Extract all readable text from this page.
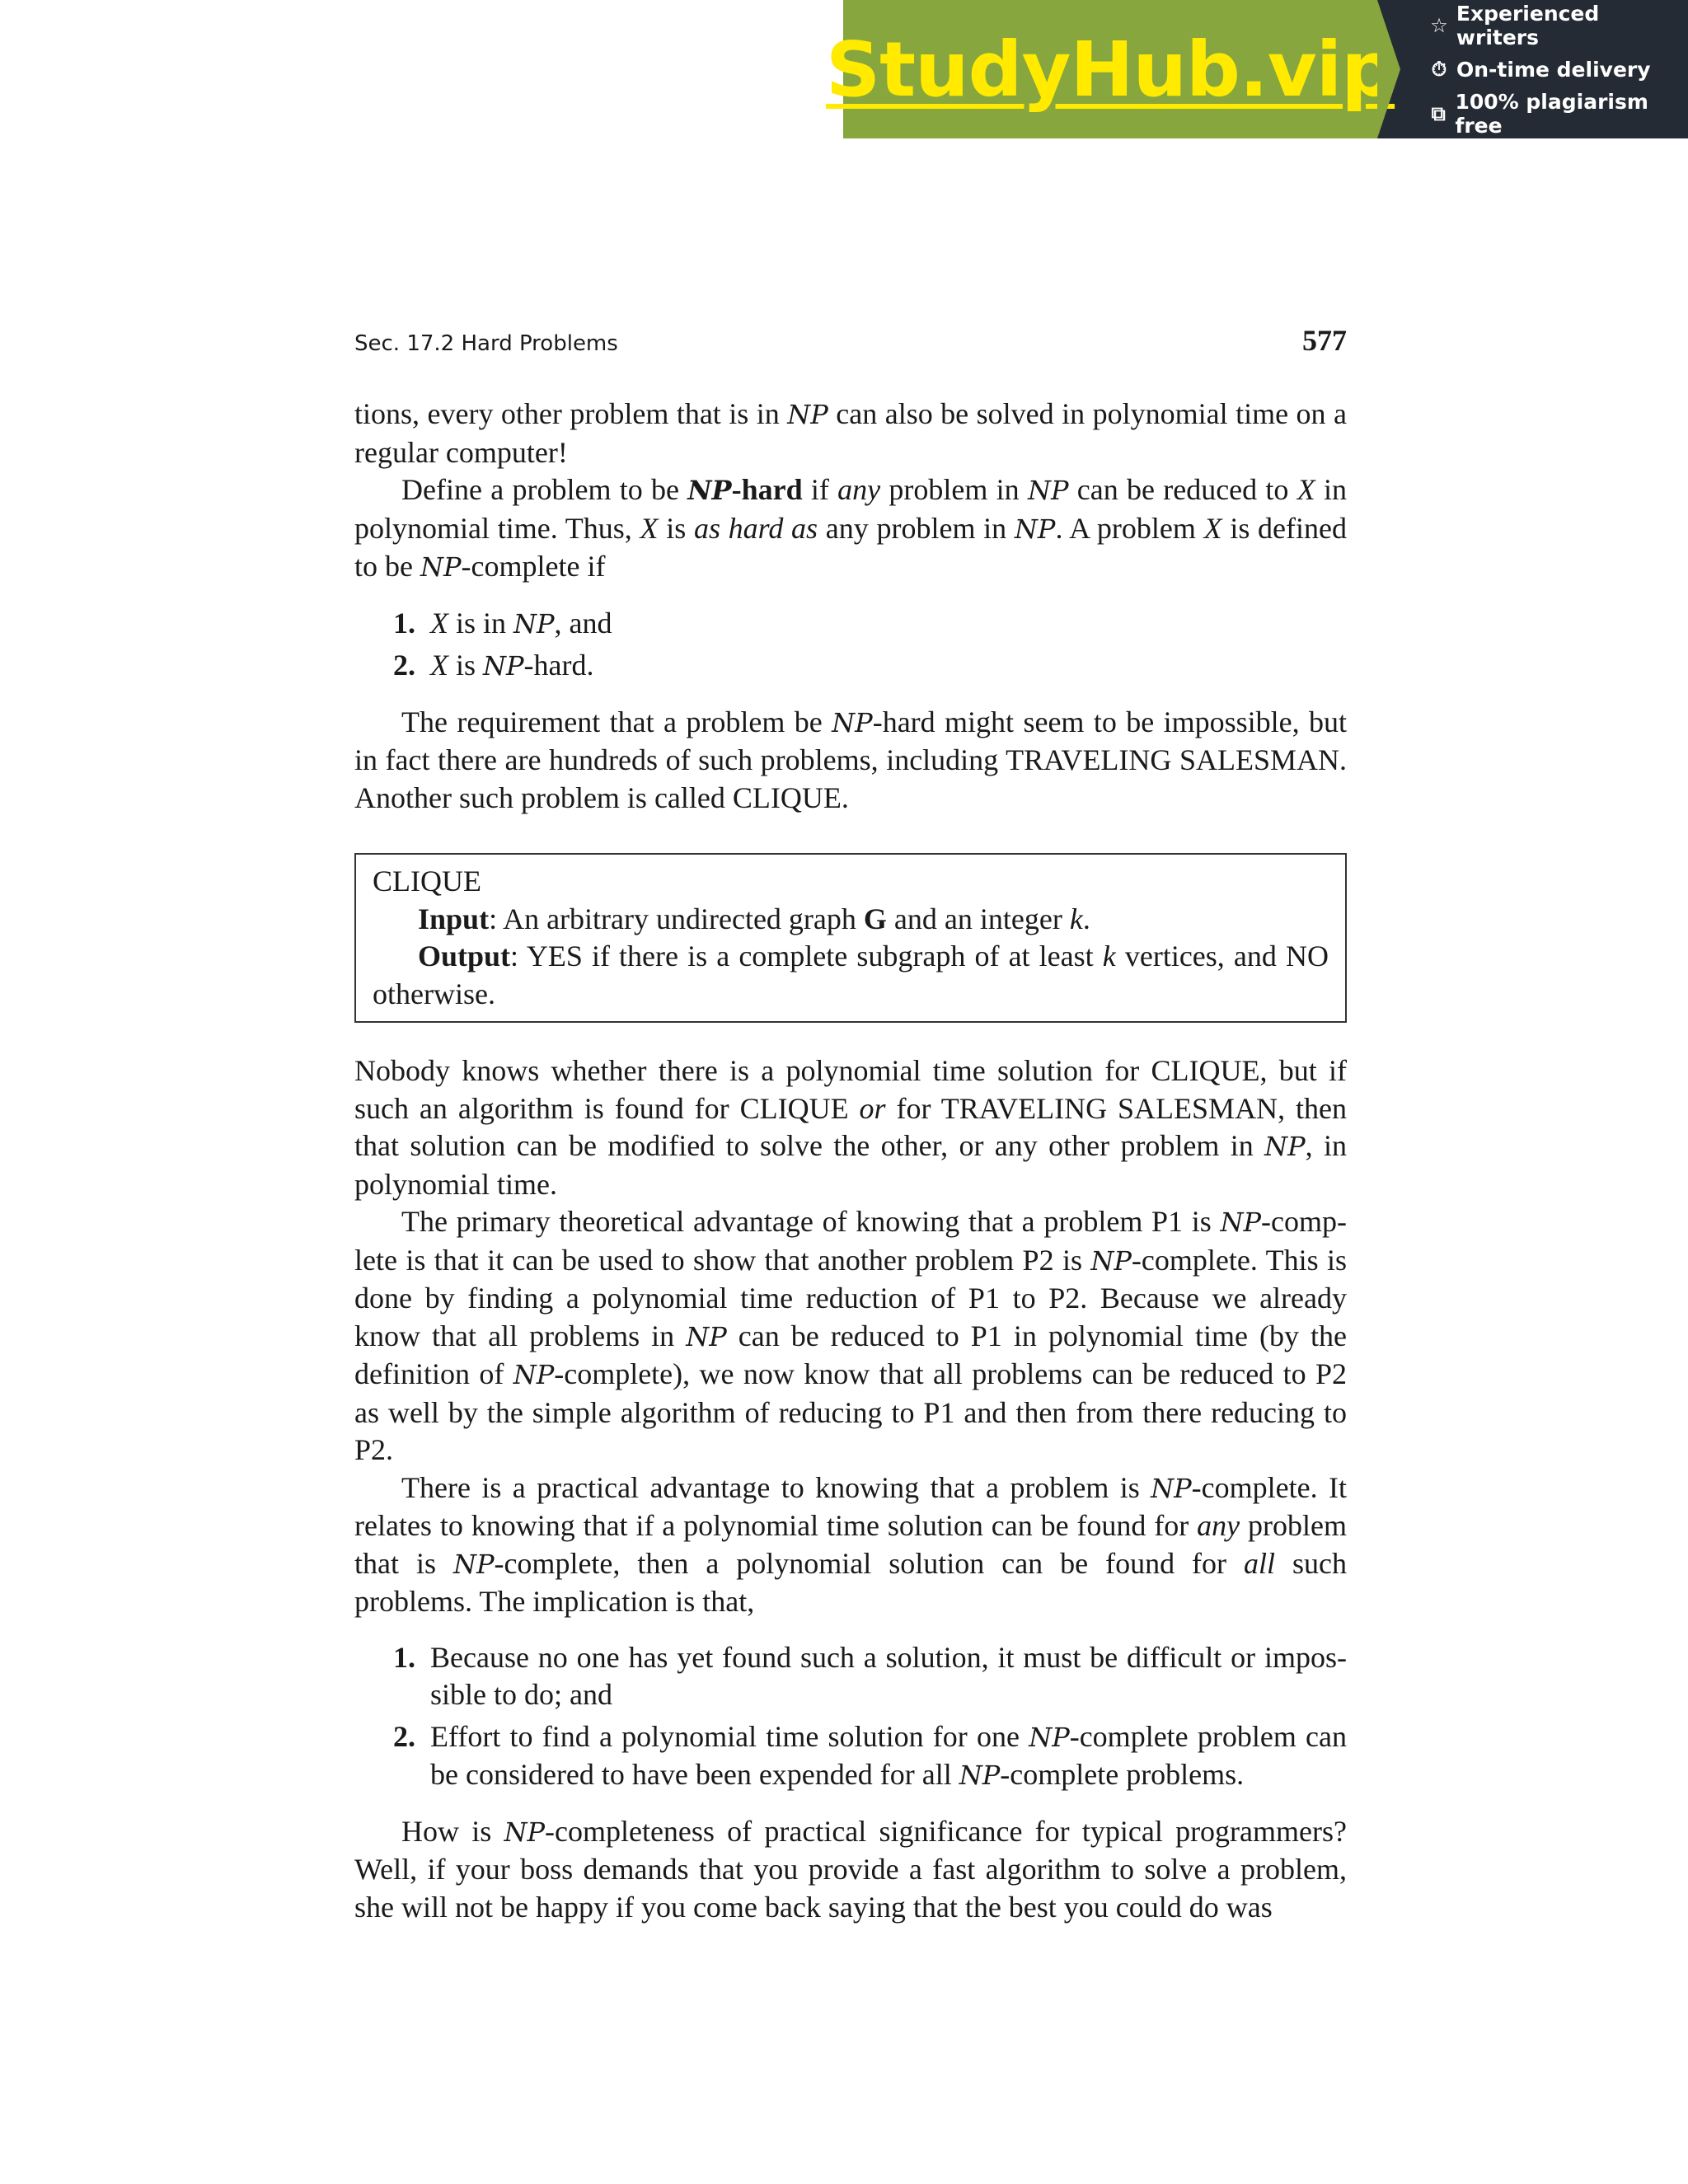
StudyHub.vip ☆ Experienced writers
⏱ On-time delivery
⧉ 100% plagiarism free
Sec. 17.2 Hard Problems	577

tions, every other problem that is in NP can also be solved in polynomial time on a regular computer!

Define a problem to be NP-hard if any problem in NP can be reduced to X in polynomial time. Thus, X is as hard as any problem in NP. A problem X is defined to be NP-complete if

1. X is in NP, and
2. X is NP-hard.

The requirement that a problem be NP-hard might seem to be impossible, but in fact there are hundreds of such problems, including TRAVELING SALESMAN. Another such problem is called CLIQUE.

CLIQUE

Input: An arbitrary undirected graph G and an integer k.

Output: YES if there is a complete subgraph of at least k vertices, and NO otherwise.

Nobody knows whether there is a polynomial time solution for CLIQUE, but if such an algorithm is found for CLIQUE or for TRAVELING SALESMAN, then that solution can be modified to solve the other, or any other problem in NP, in polynomial time.

The primary theoretical advantage of knowing that a problem P1 is NP-complete is that it can be used to show that another problem P2 is NP-complete. This is done by finding a polynomial time reduction of P1 to P2. Because we already know that all problems in NP can be reduced to P1 in polynomial time (by the definition of NP-complete), we now know that all problems can be reduced to P2 as well by the simple algorithm of reducing to P1 and then from there reducing to P2.

There is a practical advantage to knowing that a problem is NP-complete. It relates to knowing that if a polynomial time solution can be found for any problem that is NP-complete, then a polynomial solution can be found for all such problems. The implication is that,

1. Because no one has yet found such a solution, it must be difficult or impossible to do; and
2. Effort to find a polynomial time solution for one NP-complete problem can be considered to have been expended for all NP-complete problems.

How is NP-completeness of practical significance for typical programmers? Well, if your boss demands that you provide a fast algorithm to solve a problem, she will not be happy if you come back saying that the best you could do was
